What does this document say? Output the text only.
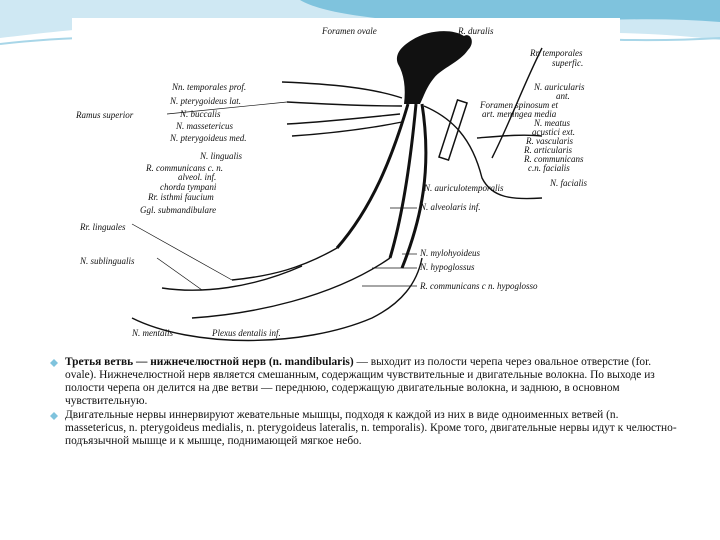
Foramen ovale	R. duralis
Ramus superior
Rr. linguales
N. sublingualis
N. mentalis
Nn. temporales prof.
N. pterygoideus lat.
N. buccalis
N. massetericus
N. pterygoideus med.
N. lingualis
R. communicans c. n.
alveol. inf.
chorda tympani
Rr. isthmi faucium
Ggl. submandibulare
Rr. temporales
superfic.
N. auricularis
ant.
Foramen spinosum et
art. meningea media
N. meatus
acustici ext.
R. vascularis
R. articularis
R. communicans
c.n. facialis
N. facialis
N. auriculotemporalis
N. alveolaris inf.
N. mylohyoideus
N. hypoglossus
R. communicans c n. hypoglosso
Plexus dentalis inf.
Третья ветвь — нижнечелюстной нерв (n. mandibularis) — выходит из полости черепа через овальное отверстие (for. ovale). Нижнечелюстной нерв является смешанным, содержащим чувствительные и двигательные волокна. По выходе из полости черепа он делится на две ветви — переднюю, содержащую двигательные волокна, и заднюю, в основном чувствительную.
Двигательные нервы иннервируют жевательные мышцы, подходя к каждой из них в виде одноименных ветвей (n. massetericus, n. pterygoideus medialis, n. pterygoideus lateralis, n. temporalis). Кроме того, двигательные нервы идут к челюстно-подъязычной мышце и к мышце, поднимающей мягкое небо.
